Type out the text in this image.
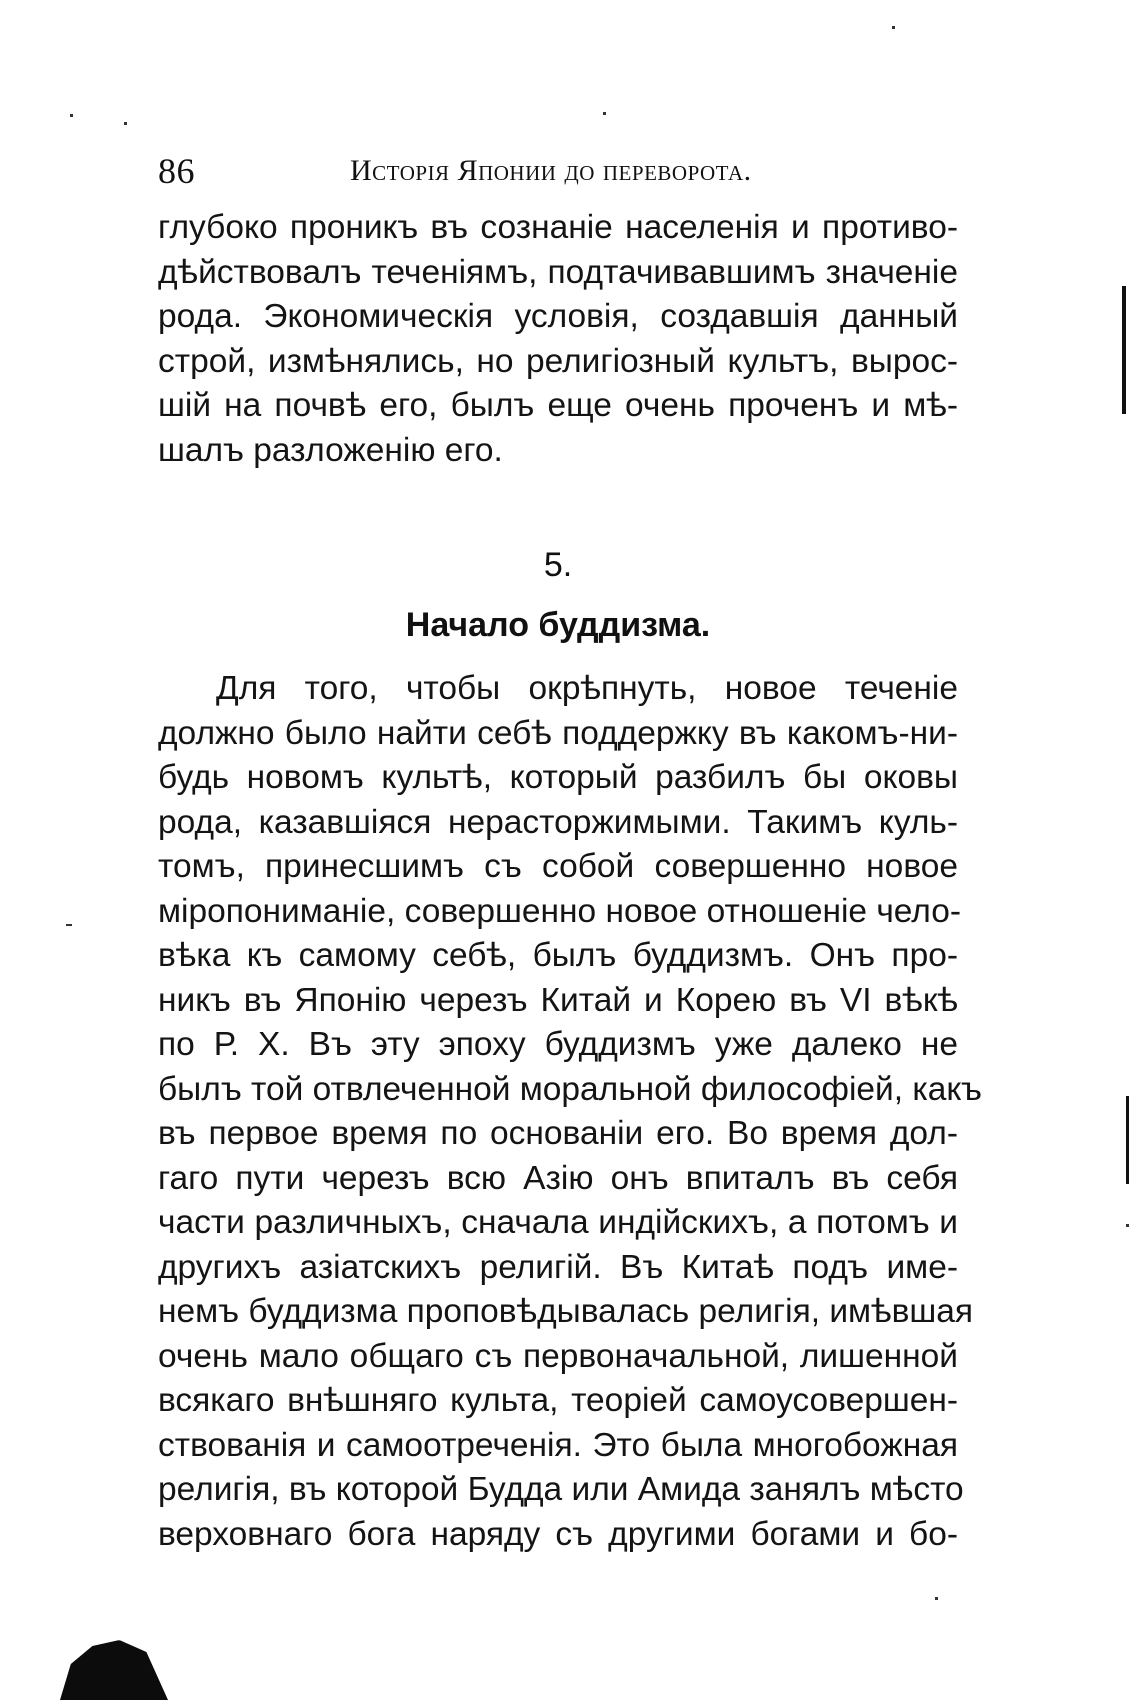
86	Исторія Японии до переворота.
глубоко проникъ въ сознаніе населенія и противо-
дѣйствовалъ теченіямъ, подтачивавшимъ значеніе
рода. Экономическія условія, создавшія данный
строй, измѣнялись, но религіозный культъ, вырос-
шій на почвѣ его, былъ еще очень проченъ и мѣ-
шалъ разложенію его.
5.
Начало буддизма.
Для того, чтобы окрѣпнуть, новое теченіе
должно было найти себѣ поддержку въ какомъ-ни-
будь новомъ культѣ, который разбилъ бы оковы
рода, казавшіяся нерасторжимыми. Такимъ куль-
томъ, принесшимъ съ собой совершенно новое
міропониманіе, совершенно новое отношеніе чело-
вѣка къ самому себѣ, былъ буддизмъ. Онъ про-
никъ въ Японію черезъ Китай и Корею въ VI вѣкѣ
по Р. Х. Въ эту эпоху буддизмъ уже далеко не
былъ той отвлеченной моральной философіей, какъ
въ первое время по основаніи его. Во время дол-
гаго пути черезъ всю Азію онъ впиталъ въ себя
части различныхъ, сначала индійскихъ, а потомъ и
другихъ азіатскихъ религій. Въ Китаѣ подъ име-
немъ буддизма проповѣдывалась религія, имѣвшая
очень мало общаго съ первоначальной, лишенной
всякаго внѣшняго культа, теоріей самоусовершен-
ствованія и самоотреченія. Это была многобожная
религія, въ которой Будда или Амида занялъ мѣсто
верховнаго бога наряду съ другими богами и бо-
